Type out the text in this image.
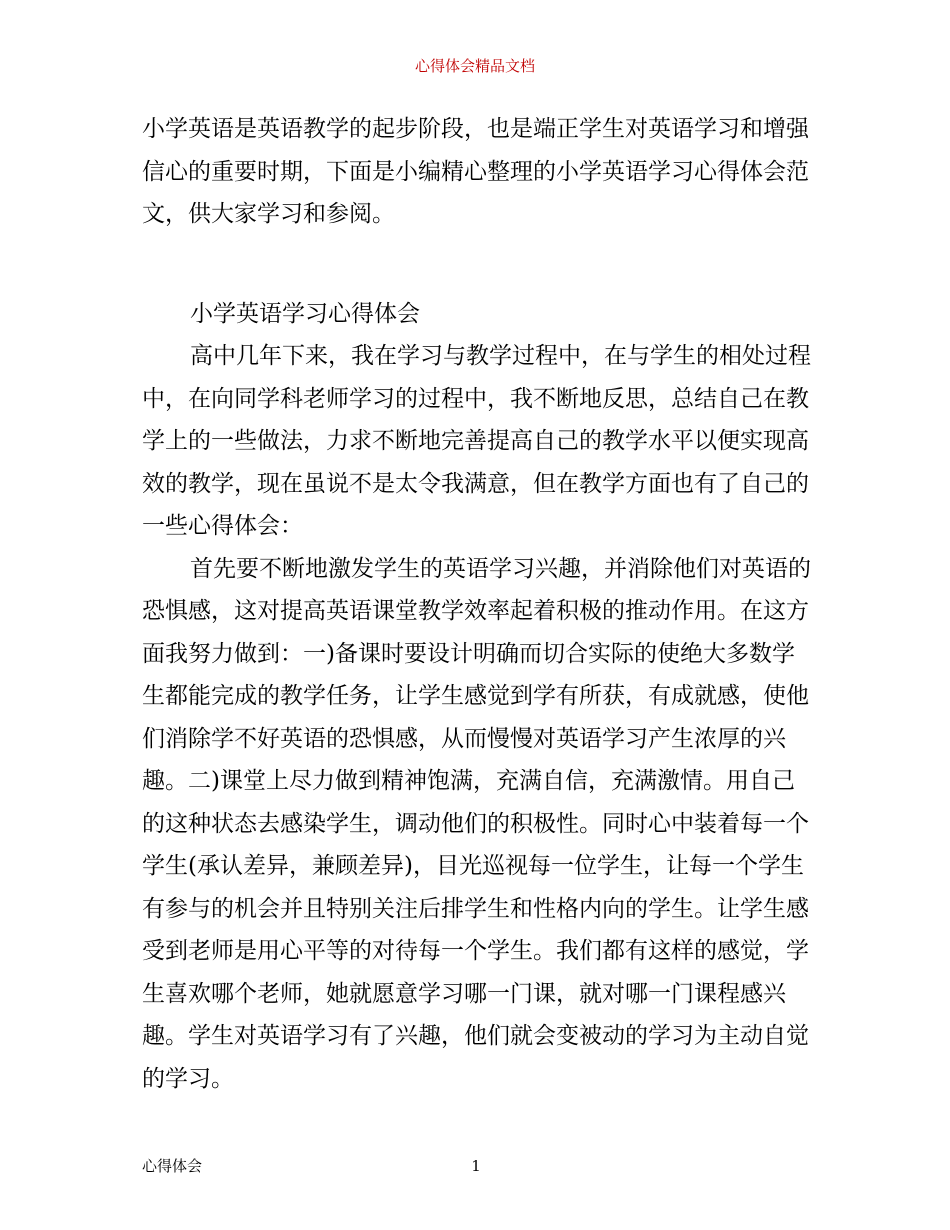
心得体会精品文档

小学英语是英语教学的起步阶段，也是端正学生对英语学习和增强信心的重要时期，下面是小编精心整理的小学英语学习心得体会范文，供大家学习和参阅。

小学英语学习心得体会

高中几年下来，我在学习与教学过程中，在与学生的相处过程中，在向同学科老师学习的过程中，我不断地反思，总结自己在教学上的一些做法，力求不断地完善提高自己的教学水平以便实现高效的教学，现在虽说不是太令我满意，但在教学方面也有了自己的一些心得体会：

首先要不断地激发学生的英语学习兴趣，并消除他们对英语的恐惧感，这对提高英语课堂教学效率起着积极的推动作用。在这方面我努力做到：一)备课时要设计明确而切合实际的使绝大多数学生都能完成的教学任务，让学生感觉到学有所获，有成就感，使他们消除学不好英语的恐惧感，从而慢慢对英语学习产生浓厚的兴趣。二)课堂上尽力做到精神饱满，充满自信，充满激情。用自己的这种状态去感染学生，调动他们的积极性。同时心中装着每一个学生(承认差异，兼顾差异)，目光巡视每一位学生，让每一个学生有参与的机会并且特别关注后排学生和性格内向的学生。让学生感受到老师是用心平等的对待每一个学生。我们都有这样的感觉，学生喜欢哪个老师，她就愿意学习哪一门课，就对哪一门课程感兴趣。学生对英语学习有了兴趣，他们就会变被动的学习为主动自觉的学习。

心得体会	1
